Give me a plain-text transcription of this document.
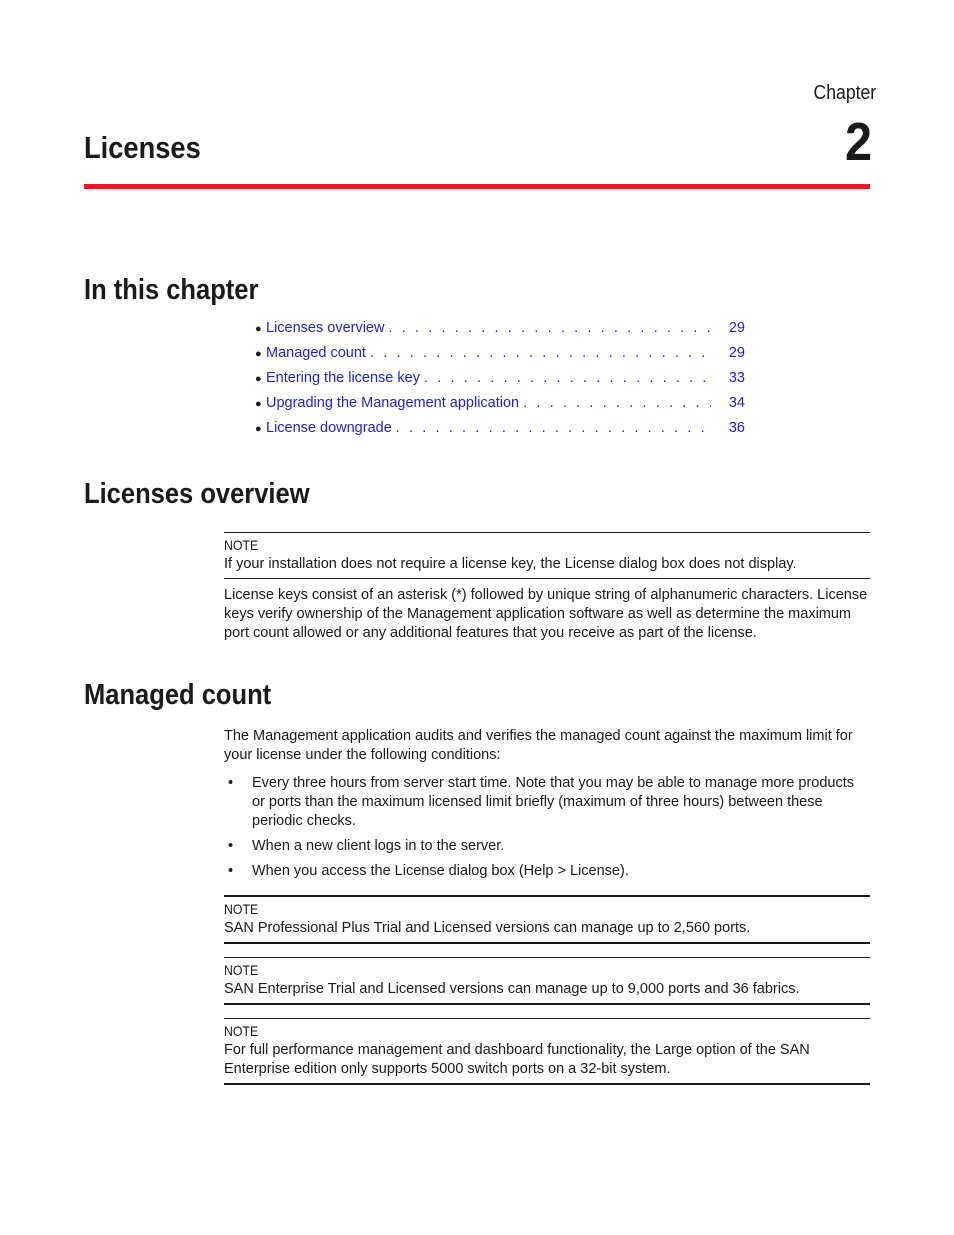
Chapter
2
Licenses
In this chapter
● Licenses overview . . .	29
● Managed count . . .	29
● Entering the license key . . .	33
● Upgrading the Management application . . .	34
● License downgrade . . .	36
Licenses overview
NOTE
If your installation does not require a license key, the License dialog box does not display.

License keys consist of an asterisk (*) followed by unique string of alphanumeric characters. License keys verify ownership of the Management application software as well as determine the maximum port count allowed or any additional features that you receive as part of the license.

Managed count

The Management application audits and verifies the managed count against the maximum limit for your license under the following conditions:

• Every three hours from server start time. Note that you may be able to manage more products or ports than the maximum licensed limit briefly (maximum of three hours) between these periodic checks.
• When a new client logs in to the server.
• When you access the License dialog box (Help > License).
NOTE
SAN Professional Plus Trial and Licensed versions can manage up to 2,560 ports.
NOTE
SAN Enterprise Trial and Licensed versions can manage up to 9,000 ports and 36 fabrics.
NOTE
For full performance management and dashboard functionality, the Large option of the SAN Enterprise edition only supports 5000 switch ports on a 32-bit system.
